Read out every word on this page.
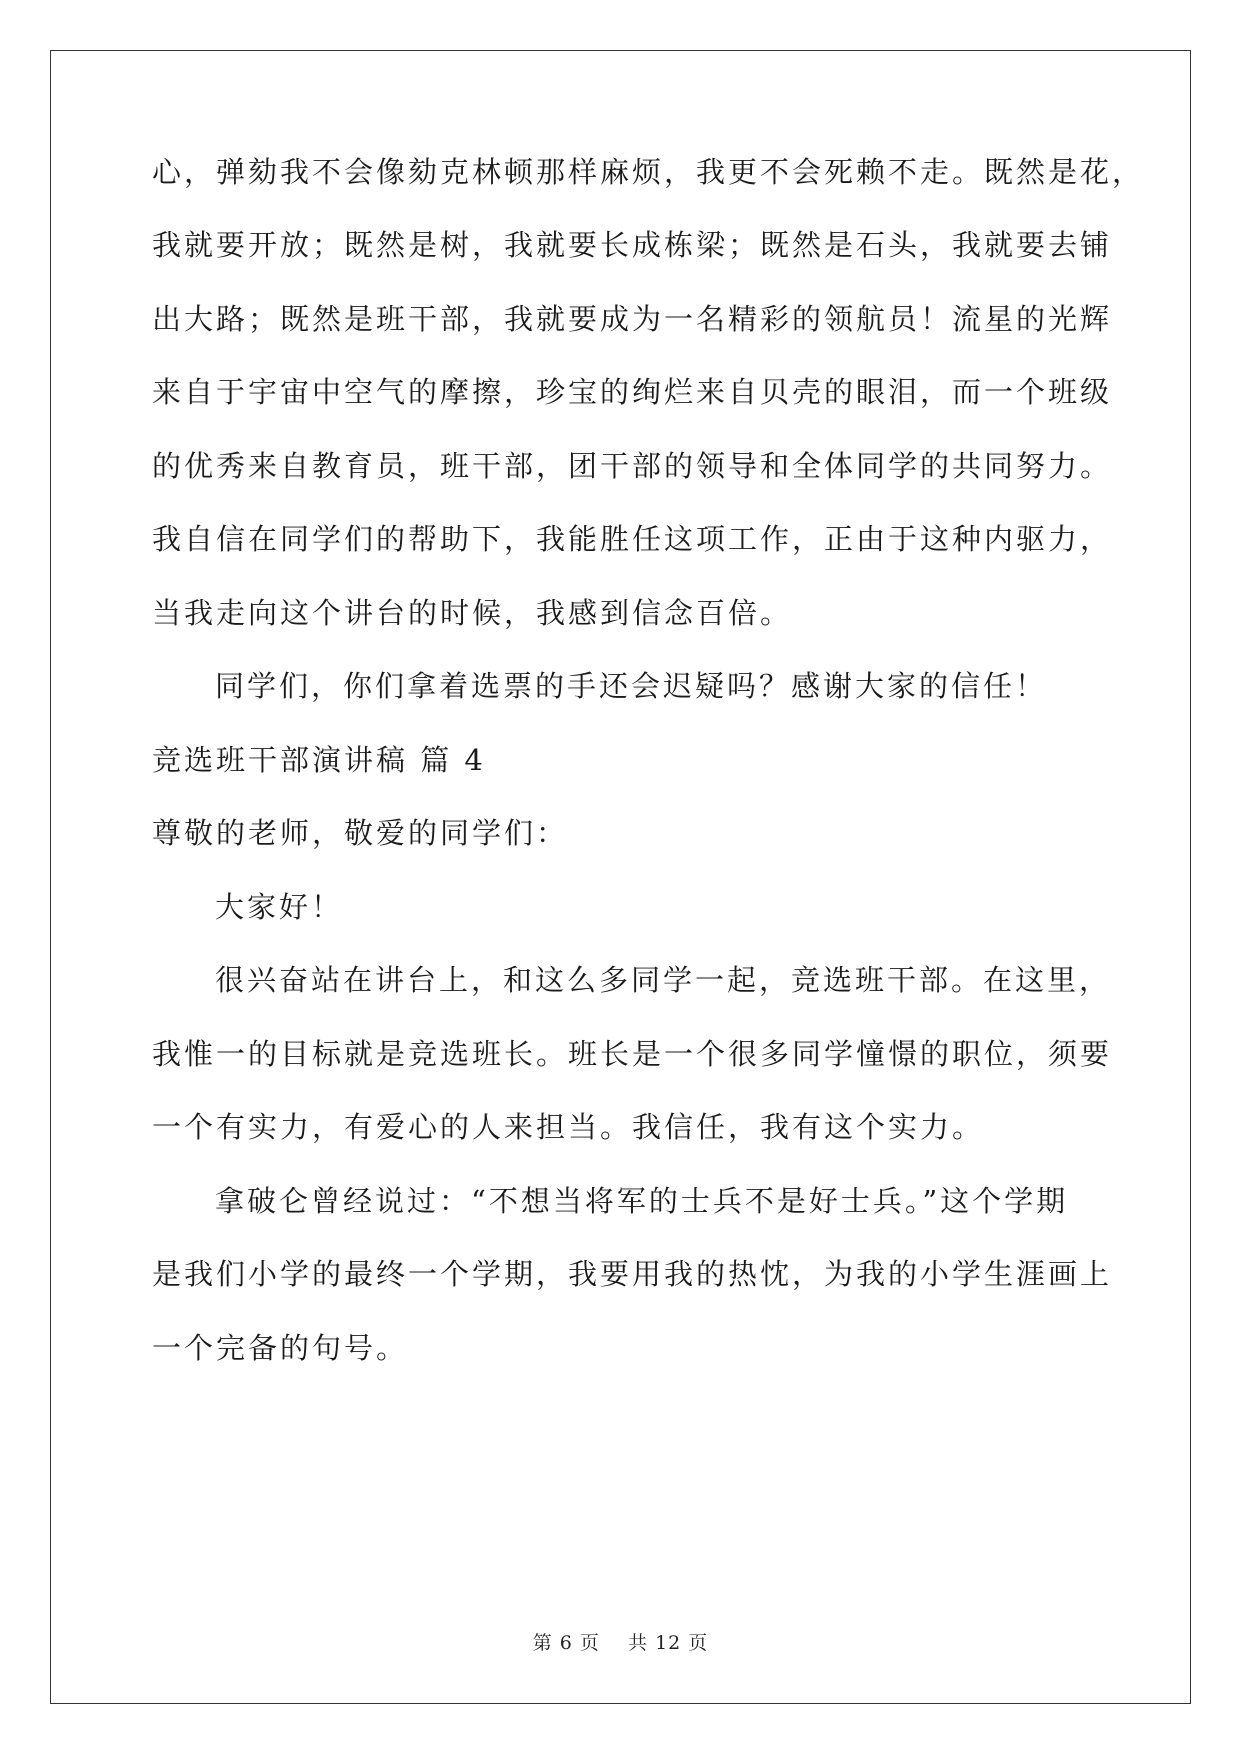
心，弹劾我不会像劾克林顿那样麻烦，我更不会死赖不走。既然是花，

我就要开放；既然是树，我就要长成栋梁；既然是石头，我就要去铺

出大路；既然是班干部，我就要成为一名精彩的领航员！流星的光辉

来自于宇宙中空气的摩擦，珍宝的绚烂来自贝壳的眼泪，而一个班级

的优秀来自教育员，班干部，团干部的领导和全体同学的共同努力。

我自信在同学们的帮助下，我能胜任这项工作，正由于这种内驱力，

当我走向这个讲台的时候，我感到信念百倍。

同学们，你们拿着选票的手还会迟疑吗？感谢大家的信任！

竞选班干部演讲稿 篇 4

尊敬的老师，敬爱的同学们：

大家好！

很兴奋站在讲台上，和这么多同学一起，竞选班干部。在这里，

我惟一的目标就是竞选班长。班长是一个很多同学憧憬的职位，须要

一个有实力，有爱心的人来担当。我信任，我有这个实力。

拿破仑曾经说过：“不想当将军的士兵不是好士兵。”这个学期

是我们小学的最终一个学期，我要用我的热忱，为我的小学生涯画上

一个完备的句号。

第 6 页 共 12 页
